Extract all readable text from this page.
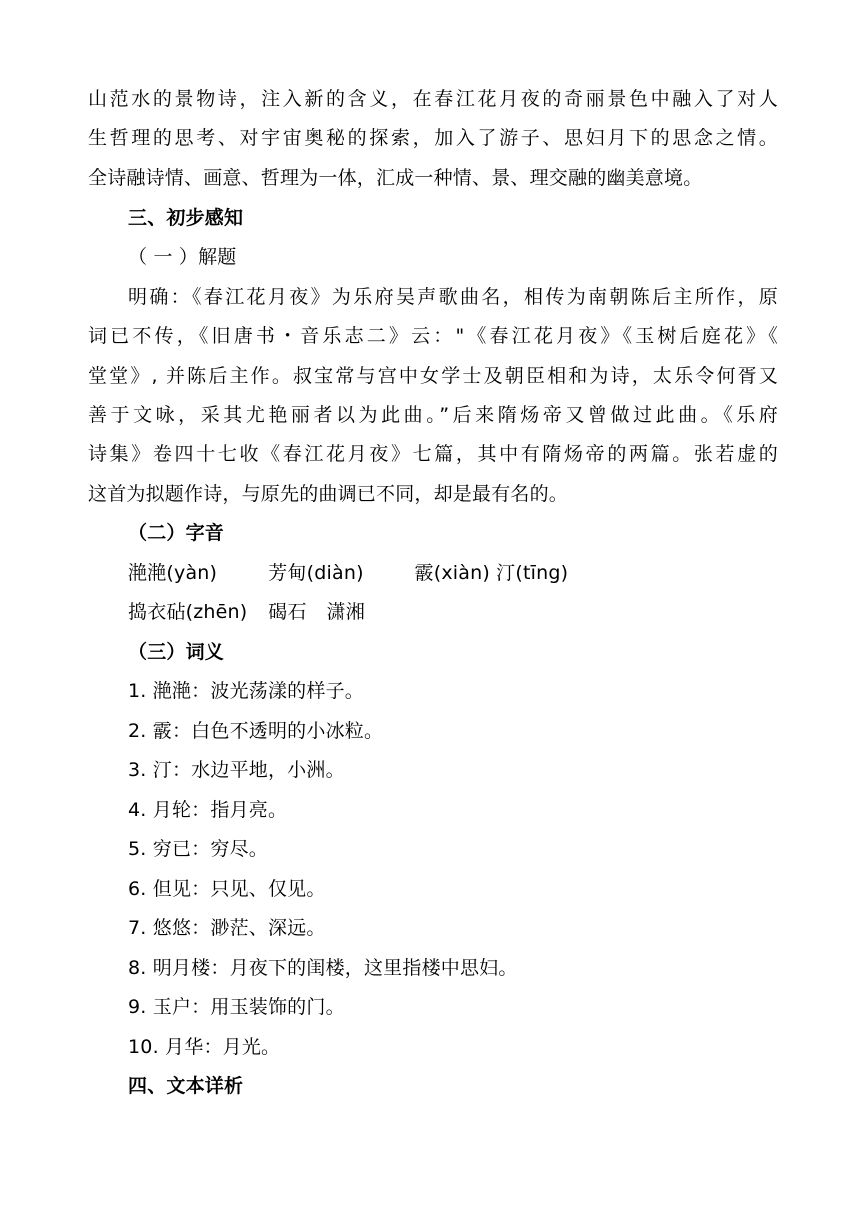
山范水的景物诗，注入新的含义，在春江花月夜的奇丽景色中融入了对人
生哲理的思考、对宇宙奥秘的探索，加入了游子、思妇月下的思念之情。
全诗融诗情、画意、哲理为一体，汇成一种情、景、理交融的幽美意境。
三、初步感知
（ 一 ）解题
明确：《春江花月夜》为乐府吴声歌曲名，相传为南朝陈后主所作，原
词已不传，《旧唐书・音乐志二》云："《春江花月夜》《玉树后庭花》《
堂堂》, 并陈后主作。叔宝常与宫中女学士及朝臣相和为诗，太乐令何胥又
善于文咏，采其尤艳丽者以为此曲。”后来隋炀帝又曾做过此曲。《乐府
诗集》卷四十七收《春江花月夜》七篇，其中有隋炀帝的两篇。张若虚的
这首为拟题作诗，与原先的曲调已不同，却是最有名的。
（二）字音
滟滟(yàn)	芳甸(diàn)	霰(xiàn) 汀(tīng)
捣衣砧(zhēn) 碣石 潇湘
（三）词义
1. 滟滟：波光荡漾的样子。
2. 霰：白色不透明的小冰粒。
3. 汀：水边平地，小洲。
4. 月轮：指月亮。
5. 穷已：穷尽。
6. 但见：只见、仅见。
7. 悠悠：渺茫、深远。
8. 明月楼：月夜下的闺楼，这里指楼中思妇。
9. 玉户：用玉装饰的门。
10. 月华：月光。
四、文本详析
